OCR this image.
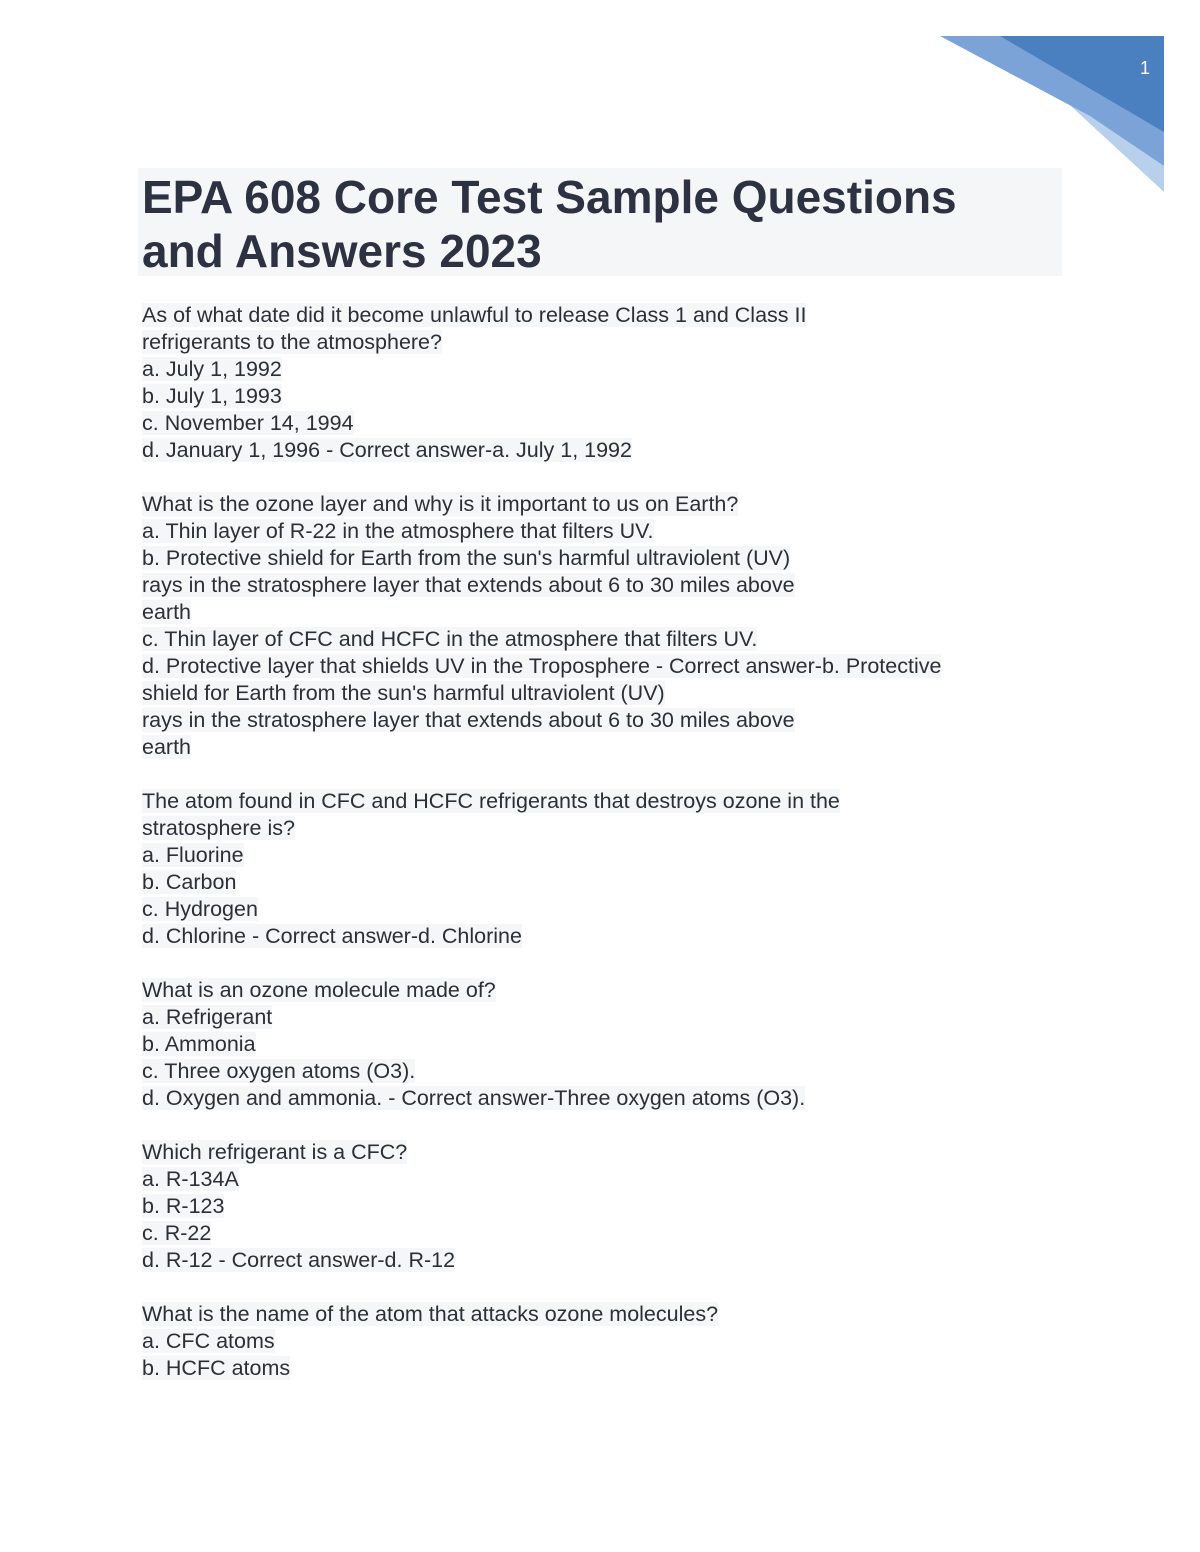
1
EPA 608 Core Test Sample Questions and Answers 2023
As of what date did it become unlawful to release Class 1 and Class II
refrigerants to the atmosphere?
a. July 1, 1992
b. July 1, 1993
c. November 14, 1994
d. January 1, 1996 - Correct answer-a. July 1, 1992
What is the ozone layer and why is it important to us on Earth?
a. Thin layer of R-22 in the atmosphere that filters UV.
b. Protective shield for Earth from the sun's harmful ultraviolent (UV)
rays in the stratosphere layer that extends about 6 to 30 miles above
earth
c. Thin layer of CFC and HCFC in the atmosphere that filters UV.
d. Protective layer that shields UV in the Troposphere - Correct answer-b. Protective
shield for Earth from the sun's harmful ultraviolent (UV)
rays in the stratosphere layer that extends about 6 to 30 miles above
earth
The atom found in CFC and HCFC refrigerants that destroys ozone in the
stratosphere is?
a. Fluorine
b. Carbon
c. Hydrogen
d. Chlorine - Correct answer-d. Chlorine
What is an ozone molecule made of?
a. Refrigerant
b. Ammonia
c. Three oxygen atoms (O3).
d. Oxygen and ammonia. - Correct answer-Three oxygen atoms (O3).
Which refrigerant is a CFC?
a. R-134A
b. R-123
c. R-22
d. R-12 - Correct answer-d. R-12
What is the name of the atom that attacks ozone molecules?
a. CFC atoms
b. HCFC atoms
